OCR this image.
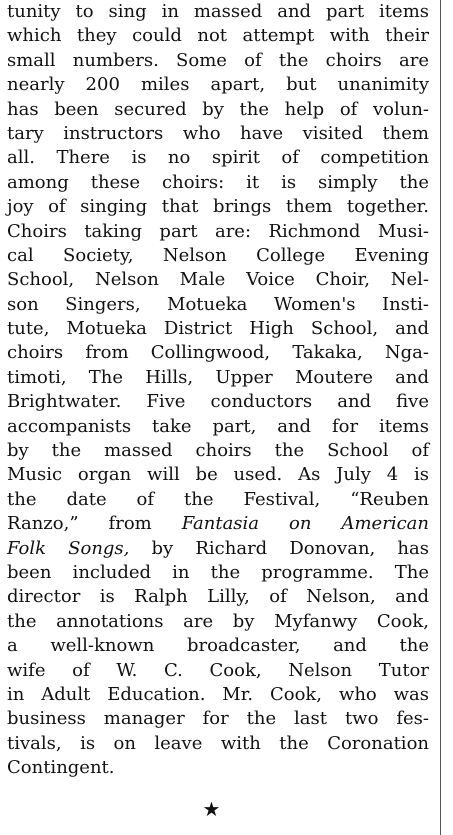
tunity to sing in massed and part items
which they could not attempt with their
small numbers. Some of the choirs are
nearly 200 miles apart, but unanimity
has been secured by the help of volun-
tary instructors who have visited them
all. There is no spirit of competition
among these choirs: it is simply the
joy of singing that brings them together.
Choirs taking part are: Richmond Musi-
cal Society, Nelson College Evening
School, Nelson Male Voice Choir, Nel-
son Singers, Motueka Women's Insti-
tute, Motueka District High School, and
choirs from Collingwood, Takaka, Nga-
timoti, The Hills, Upper Moutere and
Brightwater. Five conductors and five
accompanists take part, and for items
by the massed choirs the School of
Music organ will be used. As July 4 is
the date of the Festival, “Reuben
Ranzo,” from Fantasia on American
Folk Songs, by Richard Donovan, has
been included in the programme. The
director is Ralph Lilly, of Nelson, and
the annotations are by Myfanwy Cook,
a well-known broadcaster, and the
wife of W. C. Cook, Nelson Tutor
in Adult Education. Mr. Cook, who was
business manager for the last two fes-
tivals, is on leave with the Coronation
Contingent.
★
